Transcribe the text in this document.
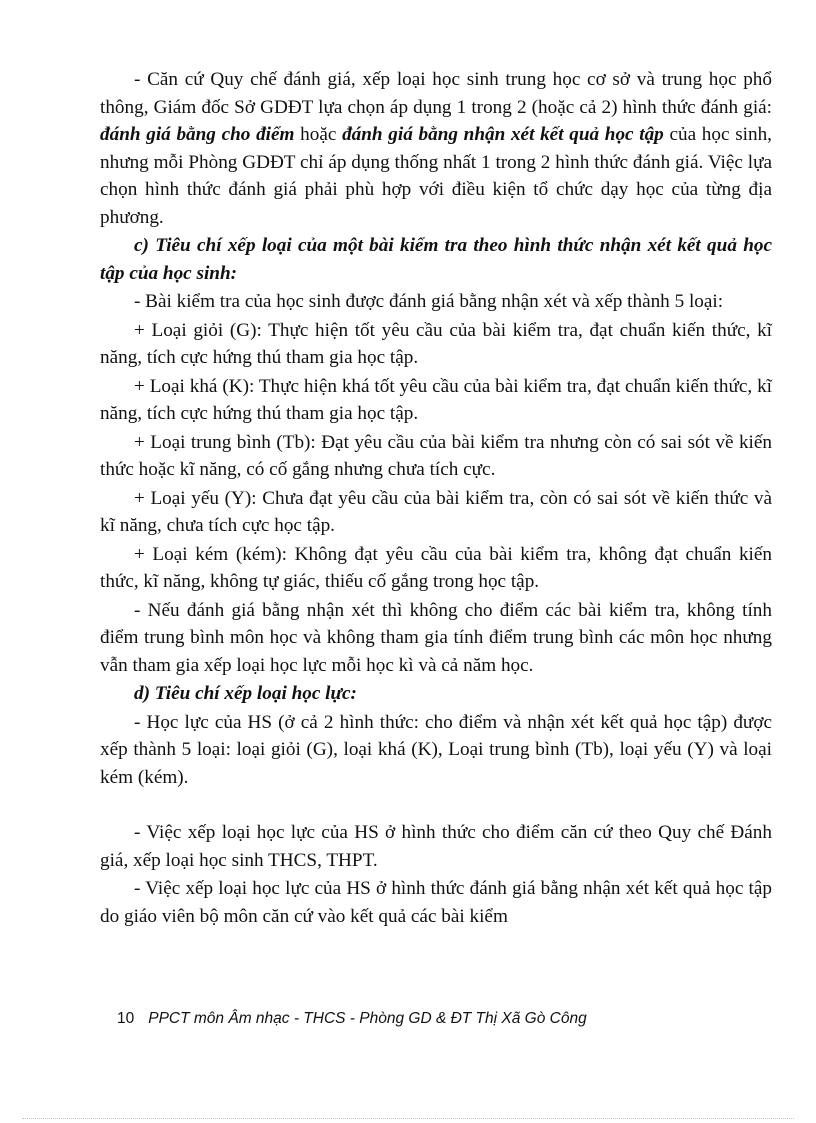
- Căn cứ Quy chế đánh giá, xếp loại học sinh trung học cơ sở và trung học phổ thông, Giám đốc Sở GDĐT lựa chọn áp dụng 1 trong 2 (hoặc cả 2) hình thức đánh giá: đánh giá bằng cho điểm hoặc đánh giá bằng nhận xét kết quả học tập của học sinh, nhưng mỗi Phòng GDĐT chỉ áp dụng thống nhất 1 trong 2 hình thức đánh giá. Việc lựa chọn hình thức đánh giá phải phù hợp với điều kiện tổ chức dạy học của từng địa phương.

c) Tiêu chí xếp loại của một bài kiểm tra theo hình thức nhận xét kết quả học tập của học sinh:

- Bài kiểm tra của học sinh được đánh giá bằng nhận xét và xếp thành 5 loại:

+ Loại giỏi (G): Thực hiện tốt yêu cầu của bài kiểm tra, đạt chuẩn kiến thức, kĩ năng, tích cực hứng thú tham gia học tập.

+ Loại khá (K): Thực hiện khá tốt yêu cầu của bài kiểm tra, đạt chuẩn kiến thức, kĩ năng, tích cực hứng thú tham gia học tập.

+ Loại trung bình (Tb): Đạt yêu cầu của bài kiểm tra nhưng còn có sai sót về kiến thức hoặc kĩ năng, có cố gắng nhưng chưa tích cực.

+ Loại yếu (Y): Chưa đạt yêu cầu của bài kiểm tra, còn có sai sót về kiến thức và kĩ năng, chưa tích cực học tập.

+ Loại kém (kém): Không đạt yêu cầu của bài kiểm tra, không đạt chuẩn kiến thức, kĩ năng, không tự giác, thiếu cố gắng trong học tập.

- Nếu đánh giá bằng nhận xét thì không cho điểm các bài kiểm tra, không tính điểm trung bình môn học và không tham gia tính điểm trung bình các môn học nhưng vẫn tham gia xếp loại học lực mỗi học kì và cả năm học.

d) Tiêu chí xếp loại học lực:

- Học lực của HS (ở cả 2 hình thức: cho điểm và nhận xét kết quả học tập) được xếp thành 5 loại: loại giỏi (G), loại khá (K), Loại trung bình (Tb), loại yếu (Y) và loại kém (kém).

- Việc xếp loại học lực của HS ở hình thức cho điểm căn cứ theo Quy chế Đánh giá, xếp loại học sinh THCS, THPT.

- Việc xếp loại học lực của HS ở hình thức đánh giá bằng nhận xét kết quả học tập do giáo viên bộ môn căn cứ vào kết quả các bài kiểm

10 PPCT môn Âm nhạc - THCS - Phòng GD & ĐT Thị Xã Gò Công
